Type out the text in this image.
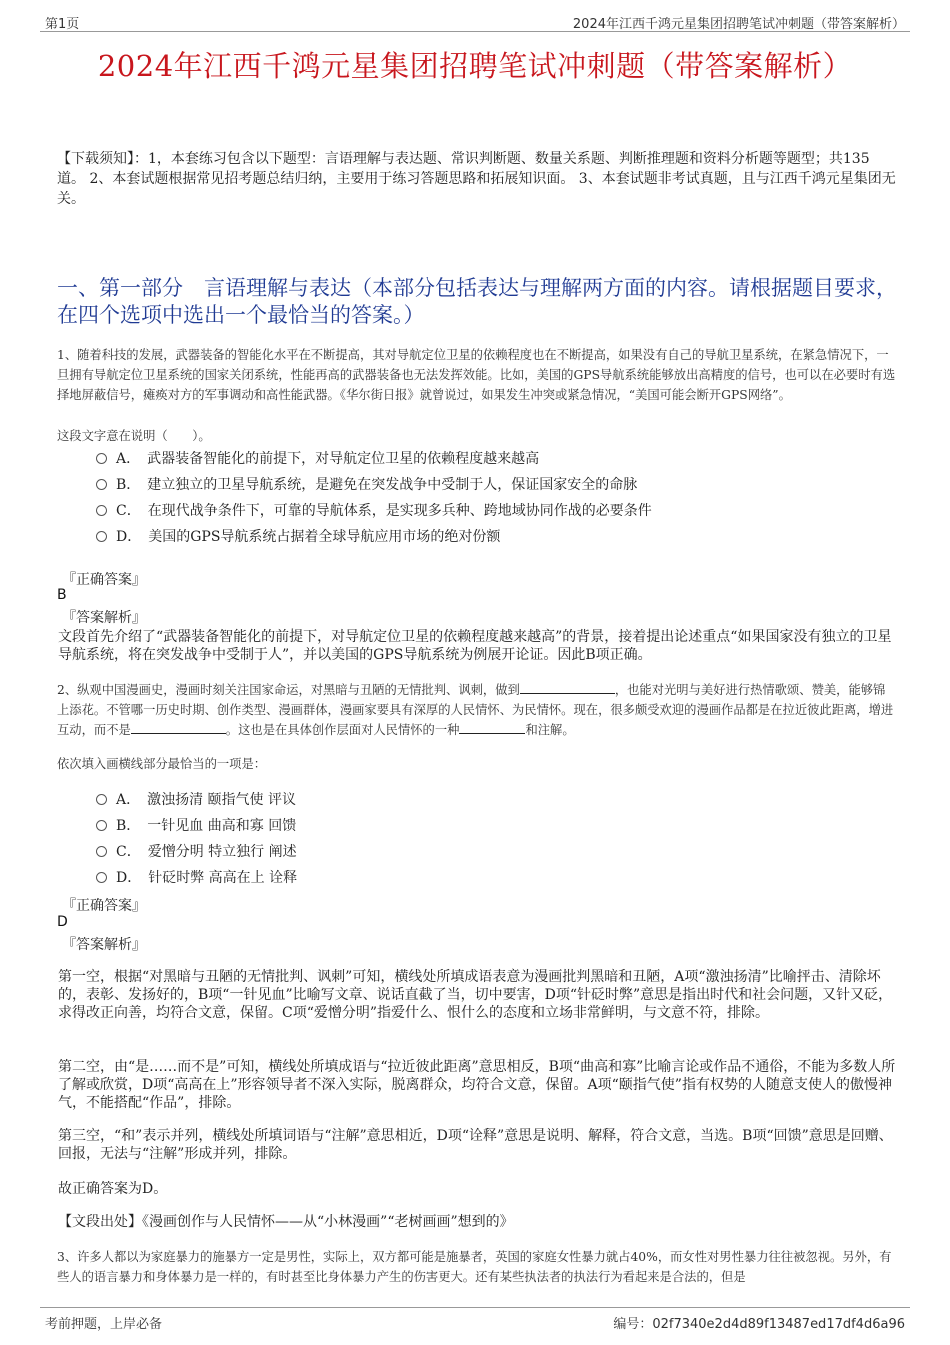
第1页	2024年江西千鸿元星集团招聘笔试冲刺题（带答案解析）
2024年江西千鸿元星集团招聘笔试冲刺题（带答案解析）
【下载须知】：1，本套练习包含以下题型：言语理解与表达题、常识判断题、数量关系题、判断推理题和资料分析题等题型；共135道。 2、本套试题根据常见招考题总结归纳，主要用于练习答题思路和拓展知识面。 3、本套试题非考试真题，且与江西千鸿元星集团无关。
一、第一部分　言语理解与表达（本部分包括表达与理解两方面的内容。请根据题目要求，在四个选项中选出一个最恰当的答案。）
1、随着科技的发展，武器装备的智能化水平在不断提高，其对导航定位卫星的依赖程度也在不断提高，如果没有自己的导航卫星系统，在紧急情况下，一旦拥有导航定位卫星系统的国家关闭系统，性能再高的武器装备也无法发挥效能。比如，美国的GPS导航系统能够放出高精度的信号，也可以在必要时有选择地屏蔽信号，瘫痪对方的军事调动和高性能武器。《华尔街日报》就曾说过，如果发生冲突或紧急情况，“美国可能会断开GPS网络”。
这段文字意在说明（　　）。
A．　武器装备智能化的前提下，对导航定位卫星的依赖程度越来越高
B．　建立独立的卫星导航系统，是避免在突发战争中受制于人，保证国家安全的命脉
C．　在现代战争条件下，可靠的导航体系，是实现多兵种、跨地域协同作战的必要条件
D．　美国的GPS导航系统占据着全球导航应用市场的绝对份额
『正确答案』
B
『答案解析』
文段首先介绍了“武器装备智能化的前提下，对导航定位卫星的依赖程度越来越高”的背景，接着提出论述重点“如果国家没有独立的卫星导航系统，将在突发战争中受制于人”，并以美国的GPS导航系统为例展开论证。因此B项正确。
2、纵观中国漫画史，漫画时刻关注国家命运，对黑暗与丑陋的无情批判、讽刺，做到	，也能对光明与美好进行热情歌颂、赞美，能够锦上添花。不管哪一历史时期、创作类型、漫画群体，漫画家要具有深厚的人民情怀、为民情怀。现在，很多颇受欢迎的漫画作品都是在拉近彼此距离，增进互动，而不是	。这也是在具体创作层面对人民情怀的一种	和注解。
依次填入画横线部分最恰当的一项是：
A．　激浊扬清 颐指气使 评议
B．　一针见血 曲高和寡 回馈
C．　爱憎分明 特立独行 阐述
D．　针砭时弊 高高在上 诠释
『正确答案』
D
『答案解析』
第一空，根据“对黑暗与丑陋的无情批判、讽刺”可知，横线处所填成语表意为漫画批判黑暗和丑陋，A项“激浊扬清”比喻抨击、清除坏的，表彰、发扬好的，B项“一针见血”比喻写文章、说话直截了当，切中要害，D项“针砭时弊”意思是指出时代和社会问题，又针又砭，求得改正向善，均符合文意，保留。C项“爱憎分明”指爱什么、恨什么的态度和立场非常鲜明，与文意不符，排除。
第二空，由“是……而不是”可知，横线处所填成语与“拉近彼此距离”意思相反，B项“曲高和寡”比喻言论或作品不通俗，不能为多数人所了解或欣赏，D项“高高在上”形容领导者不深入实际，脱离群众，均符合文意，保留。A项“颐指气使”指有权势的人随意支使人的傲慢神气，不能搭配“作品”，排除。
第三空，“和”表示并列，横线处所填词语与“注解”意思相近，D项“诠释”意思是说明、解释，符合文意，当选。B项“回馈”意思是回赠、回报，无法与“注解”形成并列，排除。
故正确答案为D。
【文段出处】《漫画创作与人民情怀——从“小林漫画”“老树画画”想到的》
3、许多人都以为家庭暴力的施暴方一定是男性，实际上，双方都可能是施暴者，英国的家庭女性暴力就占40%，而女性对男性暴力往往被忽视。另外，有些人的语言暴力和身体暴力是一样的，有时甚至比身体暴力产生的伤害更大。还有某些执法者的执法行为看起来是合法的，但是
考前押题，上岸必备	编号：02f7340e2d4d89f13487ed17df4d6a96
